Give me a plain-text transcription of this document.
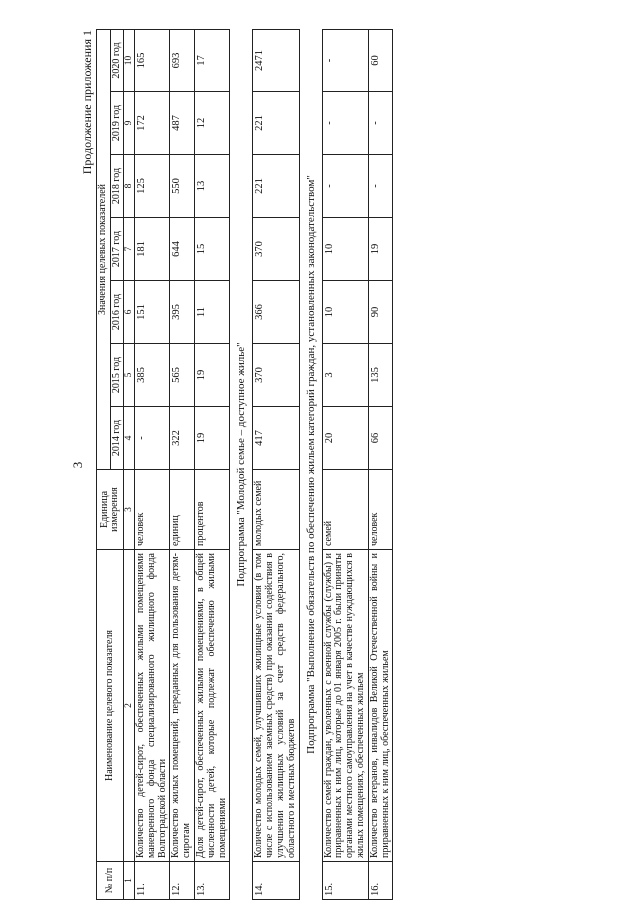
3
Продолжение приложения 1
№ п/п	Наименование целевого показателя	Единица измерения	Значения целевых показателей						
			2014 год	2015 год	2016 год	2017 год	2018 год	2019 год	2020 год
1	2	3	4	5	6	7	8	9	10
11.	Количество детей-сирот, обеспеченных жилыми помещениями маневренного фонда специализированного жилищного фонда Волгоградской области	человек	-	385	151	181	125	172	165
12.	Количество жилых помещений, переданных для пользования детям-сиротам	единиц	322	565	395	644	550	487	693
13.	Доля детей-сирот, обеспеченных жилыми помещениями, в общей численности детей, которые подлежат обеспечению жилыми помещениями	процентов	19	19	11	15	13	12	17
Подпрограмма "Молодой семье – доступное жилье"									
14.	Количество молодых семей, улучшивших жилищные условия (в том числе с использованием заемных средств) при оказании содействия в улучшении жилищных условий за счет средств федерального, областного и местных бюджетов	молодых семей	417	370	366	370	221	221	2471
Подпрограмма "Выполнение обязательств по обеспечению жильем категорий граждан, установленных законодательством"									
15.	Количество семей граждан, уволенных с военной службы (службы) и приравненных к ним лиц, которые до 01 января 2005 г. были приняты органами местного самоуправления на учет в качестве нуждающихся в жилых помещениях, обеспеченных жильем	семей	20	3	10	10	-	-	-
16.	Количество ветеранов, инвалидов Великой Отечественной войны и приравненных к ним лиц, обеспеченных жильем	человек	66	135	90	19	-	-	60
